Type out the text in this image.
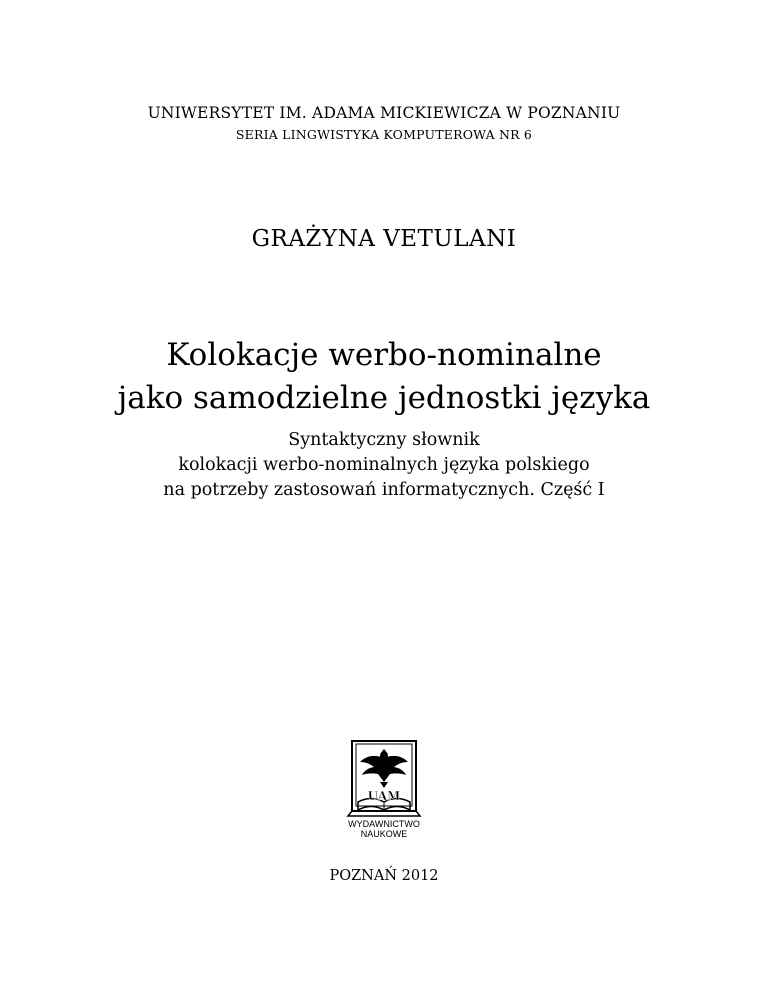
UNIWERSYTET IM. ADAMA MICKIEWICZA W POZNANIU
SERIA LINGWISTYKA KOMPUTEROWA NR 6
GRAŻYNA VETULANI
Kolokacje werbo-nominalne
jako samodzielne jednostki języka
Syntaktyczny słownik
kolokacji werbo-nominalnych języka polskiego
na potrzeby zastosowań informatycznych. Część I
UAM
WYDAWNICTWO
NAUKOWE
POZNAŃ 2012
